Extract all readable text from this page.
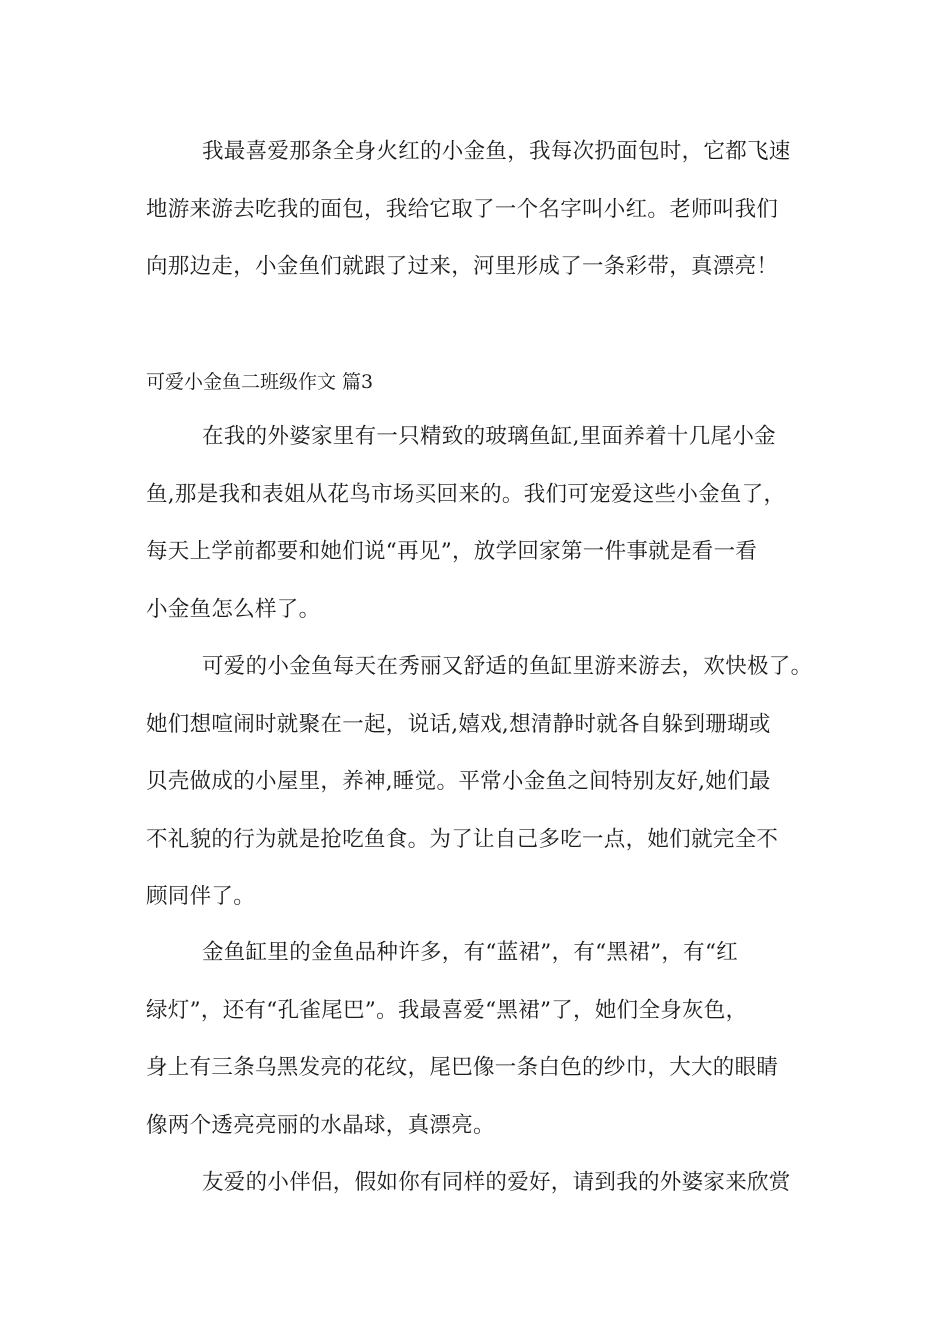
我最喜爱那条全身火红的小金鱼，我每次扔面包时，它都飞速
地游来游去吃我的面包，我给它取了一个名字叫小红。老师叫我们
向那边走，小金鱼们就跟了过来，河里形成了一条彩带，真漂亮！
可爱小金鱼二班级作文 篇3
在我的外婆家里有一只精致的玻璃鱼缸,里面养着十几尾小金
鱼,那是我和表姐从花鸟市场买回来的。我们可宠爱这些小金鱼了，
每天上学前都要和她们说“再见”，放学回家第一件事就是看一看
小金鱼怎么样了。
可爱的小金鱼每天在秀丽又舒适的鱼缸里游来游去，欢快极了。
她们想喧闹时就聚在一起，说话,嬉戏,想清静时就各自躲到珊瑚或
贝壳做成的小屋里，养神,睡觉。平常小金鱼之间特别友好,她们最
不礼貌的行为就是抢吃鱼食。为了让自己多吃一点，她们就完全不
顾同伴了。
金鱼缸里的金鱼品种许多，有“蓝裙”，有“黑裙”，有“红
绿灯”，还有“孔雀尾巴”。我最喜爱“黑裙”了，她们全身灰色，
身上有三条乌黑发亮的花纹，尾巴像一条白色的纱巾，大大的眼睛
像两个透亮亮丽的水晶球，真漂亮。
友爱的小伴侣，假如你有同样的爱好，请到我的外婆家来欣赏
